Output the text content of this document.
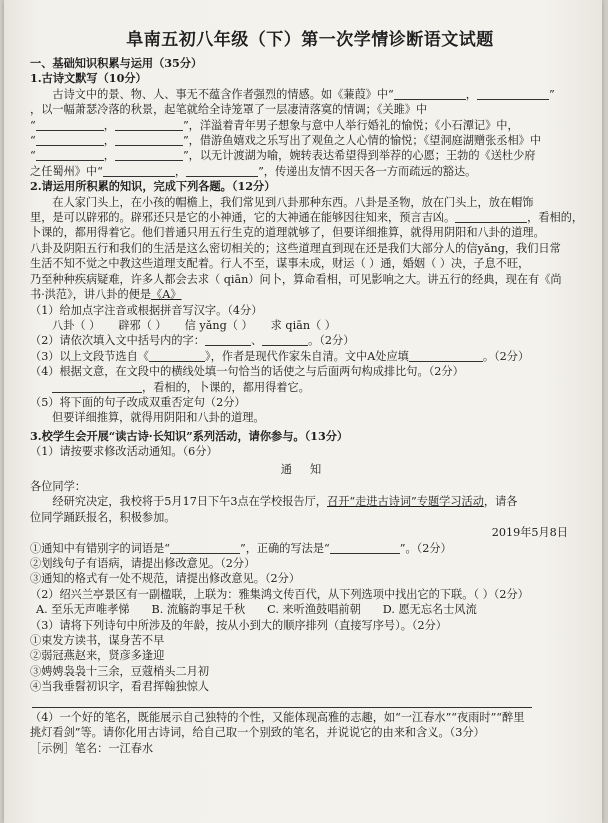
阜南五初八年级（下）第一次学情诊断语文试题
一、基础知识积累与运用（35分）
1.古诗文默写（10分）

古诗文中的景、物、人、事无不蕴含作者强烈的情感。如《蒹葭》中“	，	”

，以一幅萧瑟冷落的秋景，起笔就给全诗笼罩了一层凄清落寞的情调；《关雎》中

“	，	”，洋溢着青年男子想象与意中人举行婚礼的愉悦；《小石潭记》中，

“	，	”，借游鱼嬉戏之乐写出了观鱼之人心情的愉悦；《望洞庭湖赠张丞相》中

“	，	”，以无计渡湖为喻，婉转表达希望得到举荐的心愿；王勃的《送杜少府

之任蜀州》中“	，	”，传递出友情不因天各一方而疏远的豁达。

2.请运用所积累的知识，完成下列各题。（12分）

在人家门头上，在小孩的帽檐上，我们常见到八卦那种东西。八卦是圣物，放在门头上，放在帽饰

里，是可以辟邪的。辟邪还只是它的小神通，它的大神通在能够因往知来，预言吉凶。	，看相的，

卜课的，都用得着它。他们普通只用五行生克的道理就够了，但要详细推算，就得用阴阳和八卦的道理。

八卦及阴阳五行和我们的生活是这么密切相关的；这些道理直到现在还是我们大部分人的信yǎng，我们日常

生活不知不觉之中教这些道理支配着。行人不至，谋事未成，财运（ ）通，婚姻（ ）决，子息不旺，

乃至种种疾病疑难，许多人都会去求（ qiān）问卜，算命看相，可见影响之大。讲五行的经典，现在有《尚

书·洪范》，讲八卦的便是《A》

（1）给加点字注音或根据拼音写汉字。（4分）

八卦（ ） 辟邪（ ） 信 yǎng（ ） 求 qiān（ ）

（2）请依次填入文中括号内的字：	、	。（2分）

（3）以上文段节选自《	》，作者是现代作家朱自清。文中A处应填	。（2分）

（4）根据文意，在文段中的横线处填一句恰当的话使之与后面两句构成排比句。（2分）

，看相的，卜课的，都用得着它。

（5）将下面的句子改成双重否定句（2分）

但要详细推算，就得用阴阳和八卦的道理。

3.校学生会开展“读古诗·长知识”系列活动，请你参与。（13分）

（1）请按要求修改活动通知。（6分）

通知

各位同学：

经研究决定，我校将于5月17日下午3点在学校报告厅，召开“走进古诗词”专题学习活动，请各

位同学踊跃报名，积极参加。

2019年5月8日

①通知中有错别字的词语是“	”，正确的写法是“	”。（2分）

②划线句子有语病，请提出修改意见。（2分）

③通知的格式有一处不规范，请提出修改意见。（2分）

（2）绍兴兰亭景区有一副楹联，上联为：雅集鸿文传百代，从下列选项中找出它的下联。（ ）（2分）

A. 至乐无声唯孝悌 B. 流觞韵事足千秋 C. 来听渔鼓唱前朝 D. 愿无忘名士风流

（3）请将下列诗句中所涉及的年龄，按从小到大的顺序排列（直接写序号）。（2分）

①束发方读书，谋身苦不早

②弱冠燕赵来，贤彦多逢迎

③娉娉袅袅十三余，豆蔻梢头二月初

④当我垂髫初识字，看君挥翰独惊人

（4）一个好的笔名，既能展示自己独特的个性，又能体现高雅的志趣，如“一江春水”“夜雨时”“醉里

挑灯看剑”等。请你化用古诗词，给自己取一个别致的笔名，并说说它的由来和含义。（3分）

［示例］笔名：一江春水
